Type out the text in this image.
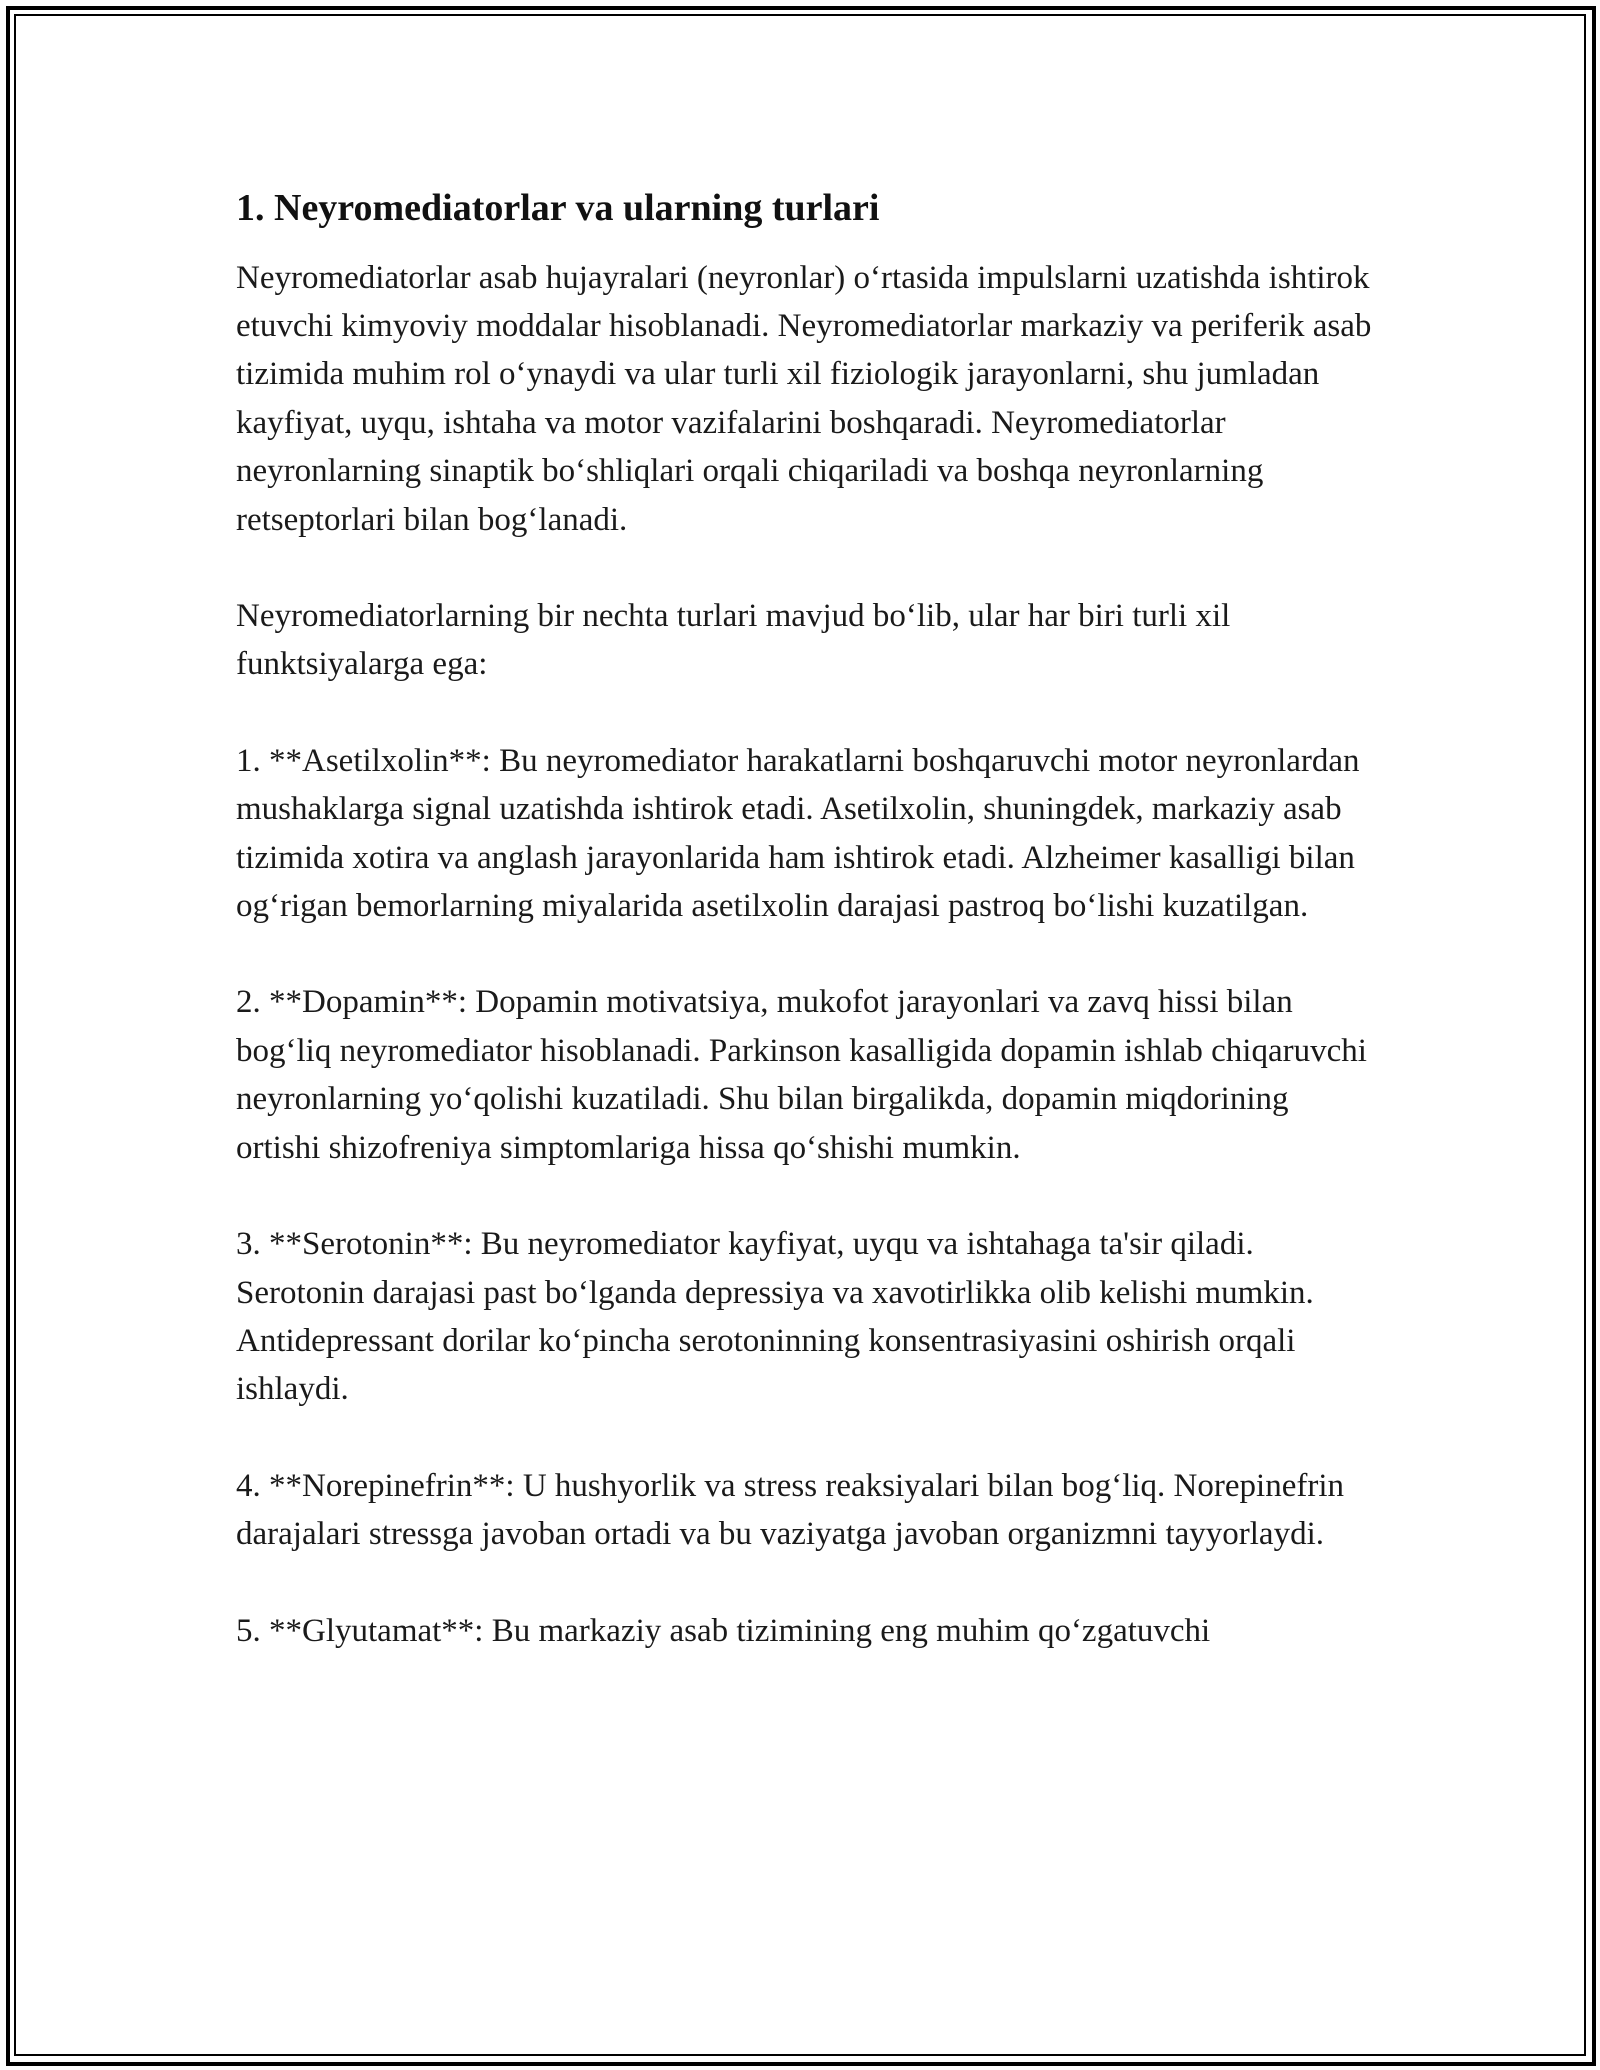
1. Neyromediatorlar va ularning turlari

Neyromediatorlar asab hujayralari (neyronlar) o‘rtasida impulslarni uzatishda ishtirok etuvchi kimyoviy moddalar hisoblanadi. Neyromediatorlar markaziy va periferik asab tizimida muhim rol o‘ynaydi va ular turli xil fiziologik jarayonlarni, shu jumladan kayfiyat, uyqu, ishtaha va motor vazifalarini boshqaradi. Neyromediatorlar neyronlarning sinaptik bo‘shliqlari orqali chiqariladi va boshqa neyronlarning retseptorlari bilan bog‘lanadi.

Neyromediatorlarning bir nechta turlari mavjud bo‘lib, ular har biri turli xil funktsiyalarga ega:

1. **Asetilxolin**: Bu neyromediator harakatlarni boshqaruvchi motor neyronlardan mushaklarga signal uzatishda ishtirok etadi. Asetilxolin, shuningdek, markaziy asab tizimida xotira va anglash jarayonlarida ham ishtirok etadi. Alzheimer kasalligi bilan og‘rigan bemorlarning miyalarida asetilxolin darajasi pastroq bo‘lishi kuzatilgan.

2. **Dopamin**: Dopamin motivatsiya, mukofot jarayonlari va zavq hissi bilan bog‘liq neyromediator hisoblanadi. Parkinson kasalligida dopamin ishlab chiqaruvchi neyronlarning yo‘qolishi kuzatiladi. Shu bilan birgalikda, dopamin miqdorining ortishi shizofreniya simptomlariga hissa qo‘shishi mumkin.

3. **Serotonin**: Bu neyromediator kayfiyat, uyqu va ishtahaga ta'sir qiladi. Serotonin darajasi past bo‘lganda depressiya va xavotirlikka olib kelishi mumkin. Antidepressant dorilar ko‘pincha serotoninning konsentrasiyasini oshirish orqali ishlaydi.

4. **Norepinefrin**: U hushyorlik va stress reaksiyalari bilan bog‘liq. Norepinefrin darajalari stressga javoban ortadi va bu vaziyatga javoban organizmni tayyorlaydi.

5. **Glyutamat**: Bu markaziy asab tizimining eng muhim qo‘zgatuvchi
